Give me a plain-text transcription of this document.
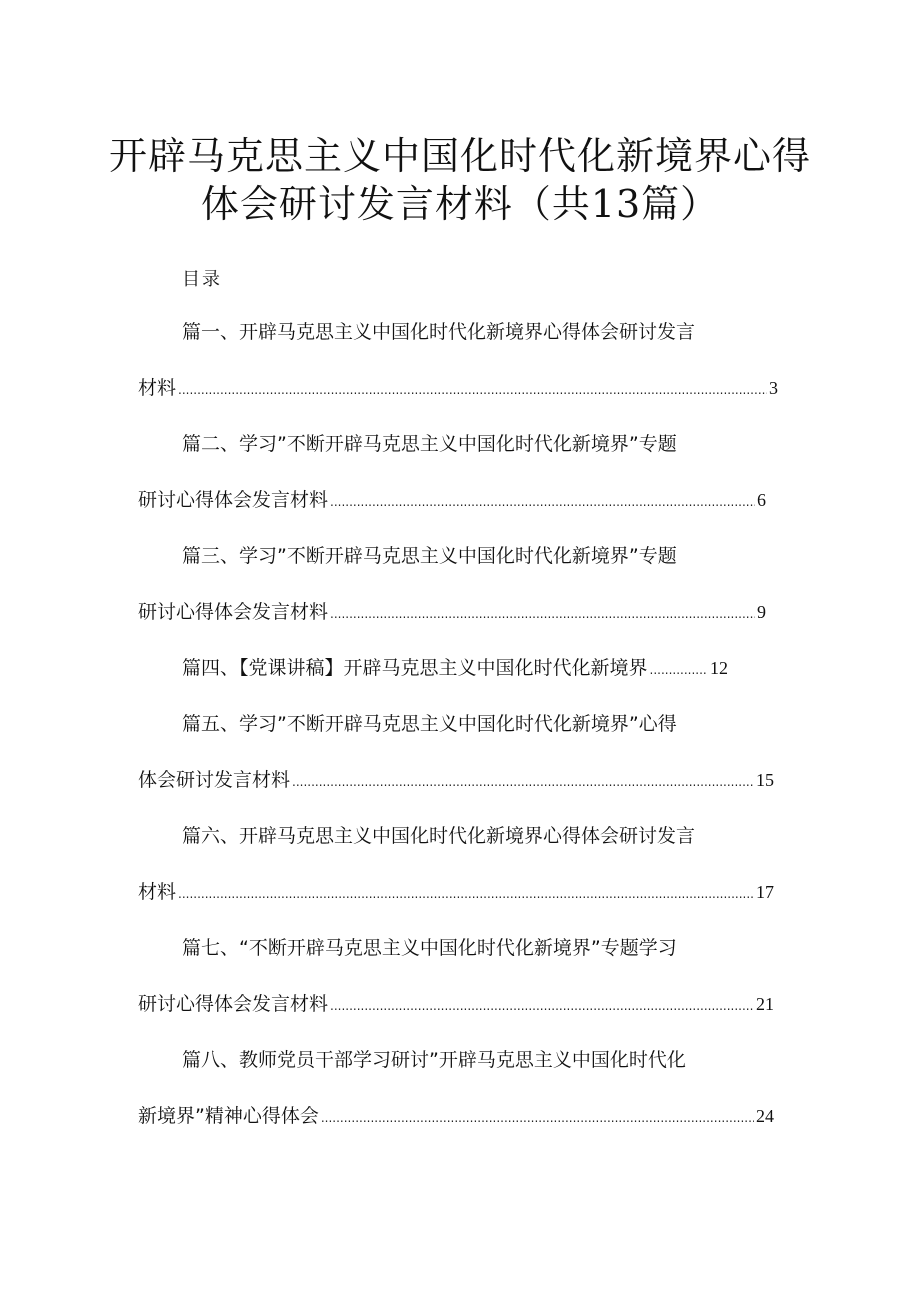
开辟马克思主义中国化时代化新境界心得
体会研讨发言材料（共13篇）
目录
篇一、开辟马克思主义中国化时代化新境界心得体会研讨发言
材料 .....	3
篇二、学习”不断开辟马克思主义中国化时代化新境界”专题
研讨心得体会发言材料 .....	6
篇三、学习”不断开辟马克思主义中国化时代化新境界”专题
研讨心得体会发言材料 .....	9
篇四、【党课讲稿】开辟马克思主义中国化时代化新境界 .....	12
篇五、学习”不断开辟马克思主义中国化时代化新境界”心得
体会研讨发言材料 .....	15
篇六、开辟马克思主义中国化时代化新境界心得体会研讨发言
材料 .....	17
篇七、“不断开辟马克思主义中国化时代化新境界”专题学习
研讨心得体会发言材料 .....	21
篇八、教师党员干部学习研讨”开辟马克思主义中国化时代化
新境界”精神心得体会 .....	24
